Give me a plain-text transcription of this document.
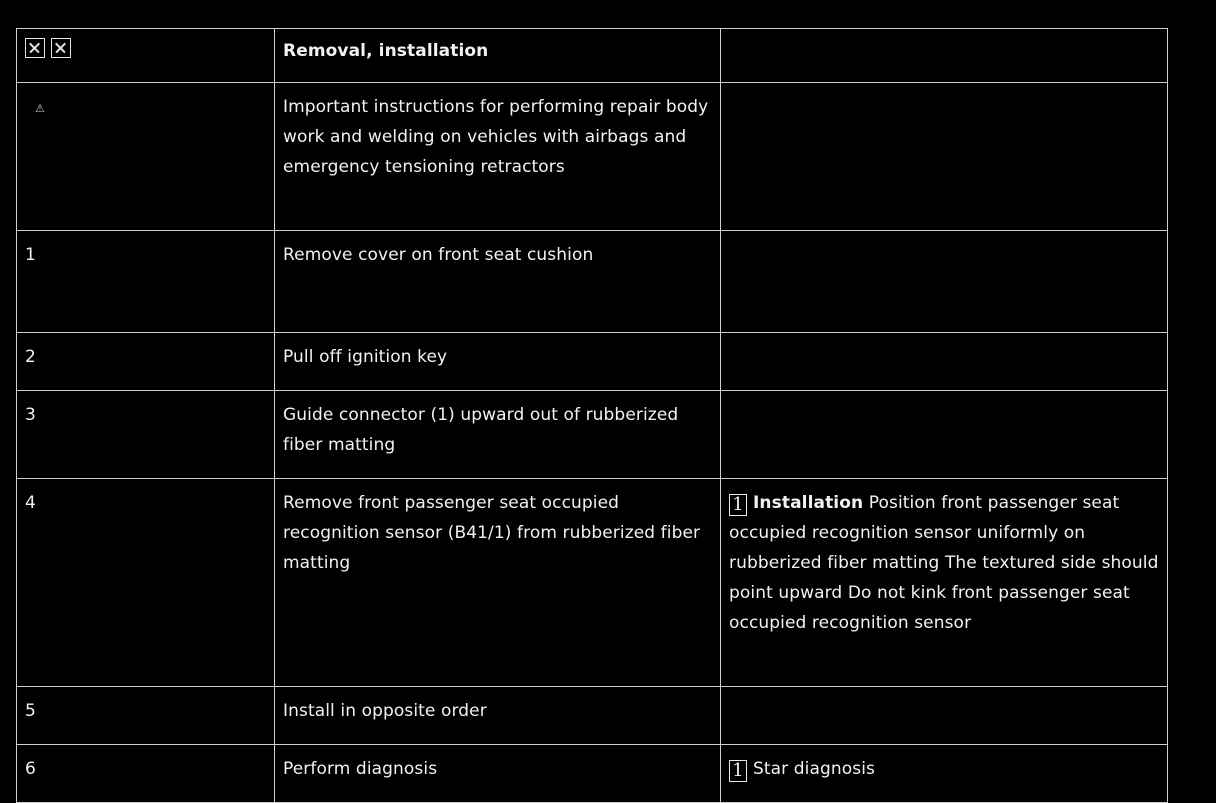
	Removal, installation	
⚠	Important instructions for performing repair body work and welding on vehicles with airbags and emergency tensioning retractors	
1	Remove cover on front seat cushion	
2	Pull off ignition key	
3	Guide connector (1) upward out of rubberized fiber matting	
4	Remove front passenger seat occupied recognition sensor (B41/1) from rubberized fiber matting	1 Installation Position front passenger seat occupied recognition sensor uniformly on rubberized fiber matting The textured side should point upward Do not kink front passenger seat occupied recognition sensor
5	Install in opposite order	
6	Perform diagnosis	1 Star diagnosis
